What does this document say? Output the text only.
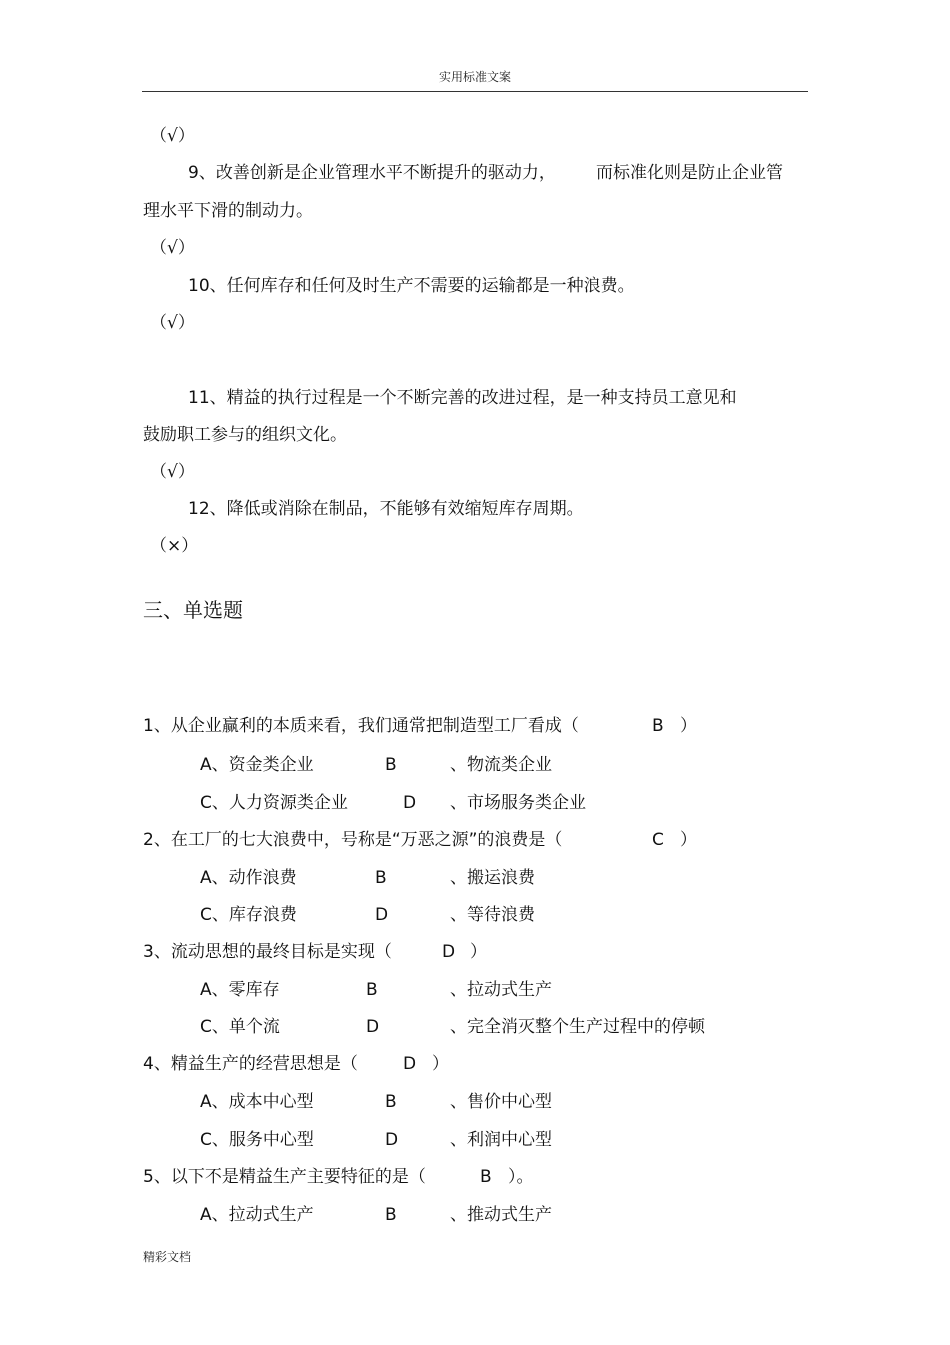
实用标准文案
（√）
9、改善创新是企业管理水平不断提升的驱动力， 而标准化则是防止企业管
理水平下滑的制动力。
（√）
10、任何库存和任何及时生产不需要的运输都是一种浪费。
（√）
11、精益的执行过程是一个不断完善的改进过程，是一种支持员工意见和
鼓励职工参与的组织文化。
（√）
12、降低或消除在制品，不能够有效缩短库存周期。
（×）
三、单选题
1、从企业赢利的本质来看，我们通常把制造型工厂看成（	B ）
A、资金类企业	B	、物流类企业
C、人力资源类企业	D 、市场服务类企业
2、在工厂的七大浪费中，号称是“万恶之源”的浪费是（	C ）
A、动作浪费	B	、搬运浪费
C、库存浪费	D	、等待浪费
3、流动思想的最终目标是实现（	D ）
A、零库存	B	、拉动式生产
C、单个流	D	、完全消灭整个生产过程中的停顿
4、精益生产的经营思想是（	D ）
A、成本中心型	B	、售价中心型
C、服务中心型	D	、利润中心型
5、以下不是精益生产主要特征的是（	B ）。
A、拉动式生产	B	、推动式生产
精彩文档
